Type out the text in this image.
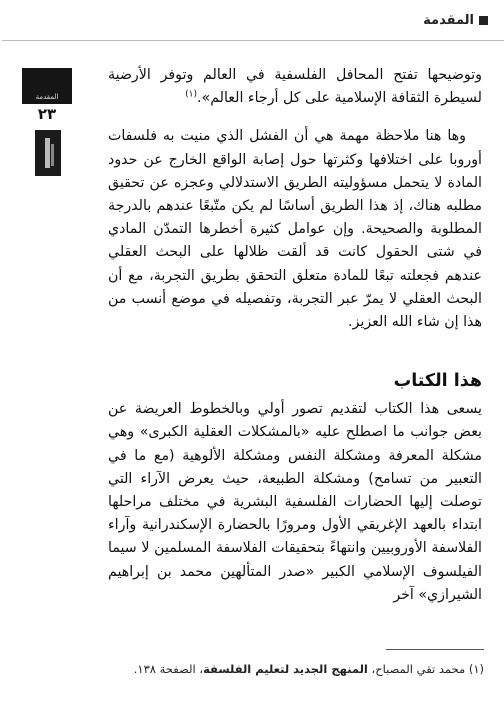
المقدمة
المقدمة
٢٣

وتوضيحها تفتح المحافل الفلسفية في العالم وتوفر الأرضية لسيطرة الثقافة الإسلامية على كل أرجاء العالم».$^{(١)}$

وها هنا ملاحظة مهمة هي أن الفشل الذي منيت به فلسفات أوروبا على اختلافها وكثرتها حول إصابة الواقع الخارج عن حدود المادة لا يتحمل مسؤوليته الطريق الاستدلالي وعجزه عن تحقيق مطلبه هناك، إذ هذا الطريق أساسًا لم يكن متّبعًا عندهم بالدرجة المطلوبة والصحيحة. وإن عوامل كثيرة أخطرها التمدّن المادي في شتى الحقول كانت قد ألقت ظلالها على البحث العقلي عندهم فجعلته تبعًا للمادة متعلق التحقق بطريق التجربة، مع أن البحث العقلي لا يمرّ عبر التجربة، وتفصيله في موضع أنسب من هذا إن شاء الله العزيز.

هذا الكتاب

يسعى هذا الكتاب لتقديم تصور أولي وبالخطوط العريضة عن بعض جوانب ما اصطلح عليه «بالمشكلات العقلية الكبرى» وهي مشكلة المعرفة ومشكلة النفس ومشكلة الألوهية (مع ما في التعبير من تسامح) ومشكلة الطبيعة، حيث يعرض الآراء التي توصلت إليها الحضارات الفلسفية البشرية في مختلف مراحلها ابتداء بالعهد الإغريقي الأول ومرورًا بالحضارة الإسكندرانية وآراء الفلاسفة الأوروبيين وانتهاءً بتحقيقات الفلاسفة المسلمين لا سيما الفيلسوف الإسلامي الكبير «صدر المتألهين محمد بن إبراهيم الشيرازي» آخر

(١) محمد تقي المصباح، المنهج الجديد لتعليم الفلسفة، الصفحة ١٣٨.
